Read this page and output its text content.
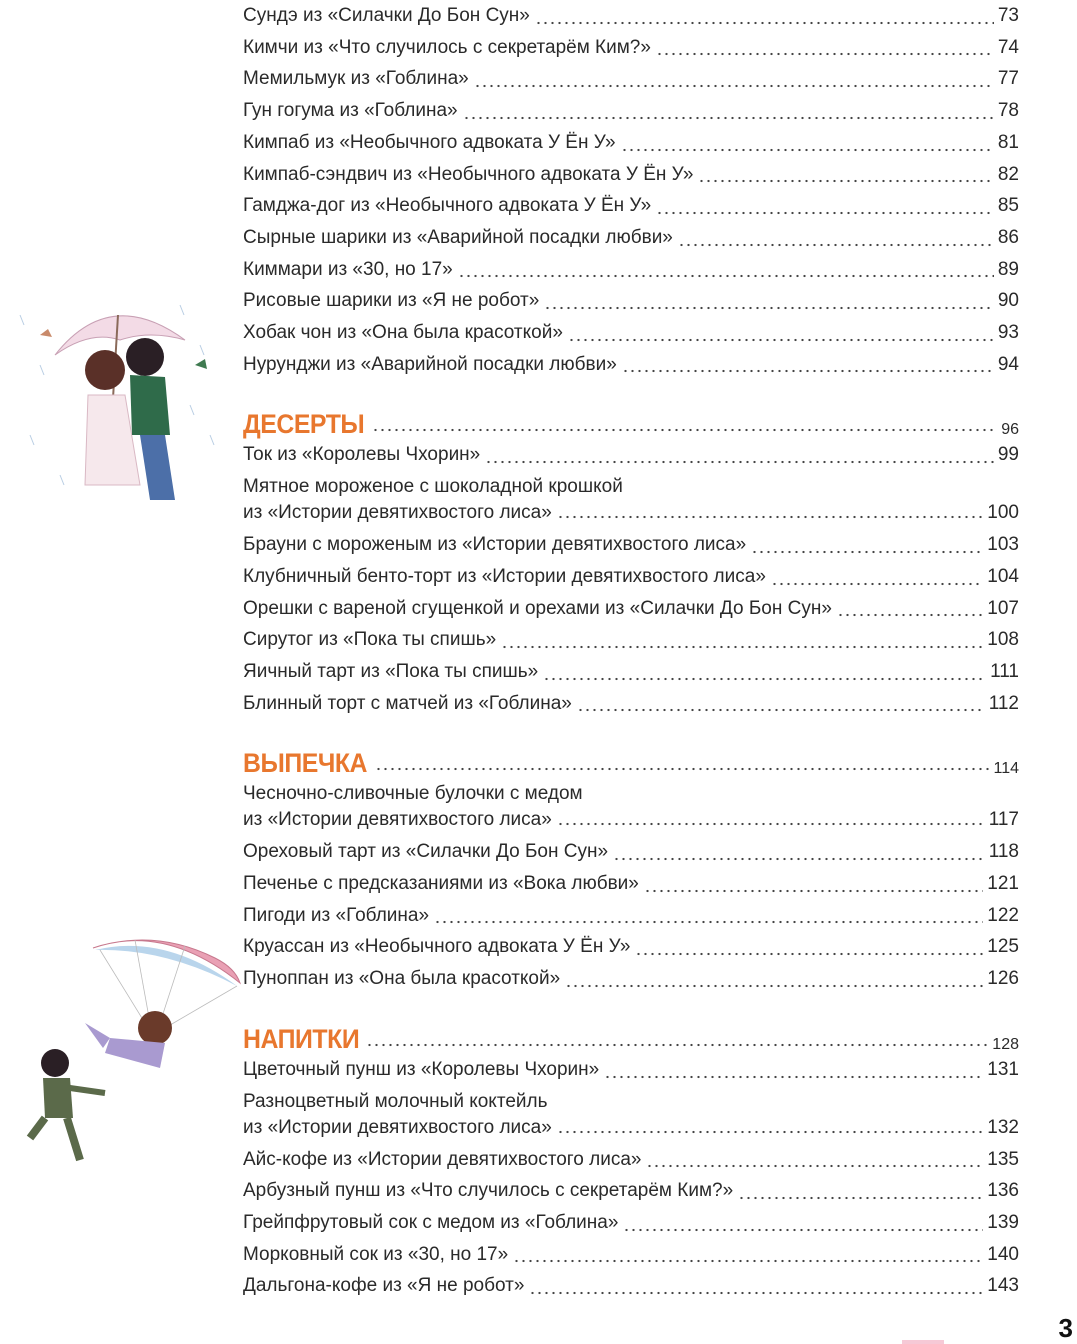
Сундэ из «Силачки До Бон Сун»	73
Кимчи из «Что случилось с секретарём Ким?»	74
Мемильмук из «Гоблина»	77
Гун гогума из «Гоблина»	78
Кимпаб из «Необычного адвоката У Ён У»	81
Кимпаб-сэндвич из «Необычного адвоката У Ён У»	82
Гамджа-дог из «Необычного адвоката У Ён У»	85
Сырные шарики из «Аварийной посадки любви»	86
Киммари из «30, но 17»	89
Рисовые шарики из «Я не робот»	90
Хобак чон из «Она была красоткой»	93
Нурунджи из «Аварийной посадки любви»	94
ДЕСЕРТЫ	96
Ток из «Королевы Чхорин»	99
Мятное мороженое с шоколадной крошкой
из «Истории девятихвостого лиса»	100
Брауни с мороженым из «Истории девятихвостого лиса»	103
Клубничный бенто-торт из «Истории девятихвостого лиса»	104
Орешки с вареной сгущенкой и орехами из «Силачки До Бон Сун»	107
Сирутог из «Пока ты спишь»	108
Яичный тарт из «Пока ты спишь»	111
Блинный торт с матчей из «Гоблина»	112
ВЫПЕЧКА	114
Чесночно-сливочные булочки с медом
из «Истории девятихвостого лиса»	117
Ореховый тарт из «Силачки До Бон Сун»	118
Печенье с предсказаниями из «Вока любви»	121
Пигоди из «Гоблина»	122
Круассан из «Необычного адвоката У Ён У»	125
Пуноппан из «Она была красоткой»	126
НАПИТКИ	128
Цветочный пунш из «Королевы Чхорин»	131
Разноцветный молочный коктейль
из «Истории девятихвостого лиса»	132
Айс-кофе из «Истории девятихвостого лиса»	135
Арбузный пунш из «Что случилось с секретарём Ким?»	136
Грейпфрутовый сок с медом из «Гоблина»	139
Морковный сок из «30, но 17»	140
Дальгона-кофе из «Я не робот»	143
3
